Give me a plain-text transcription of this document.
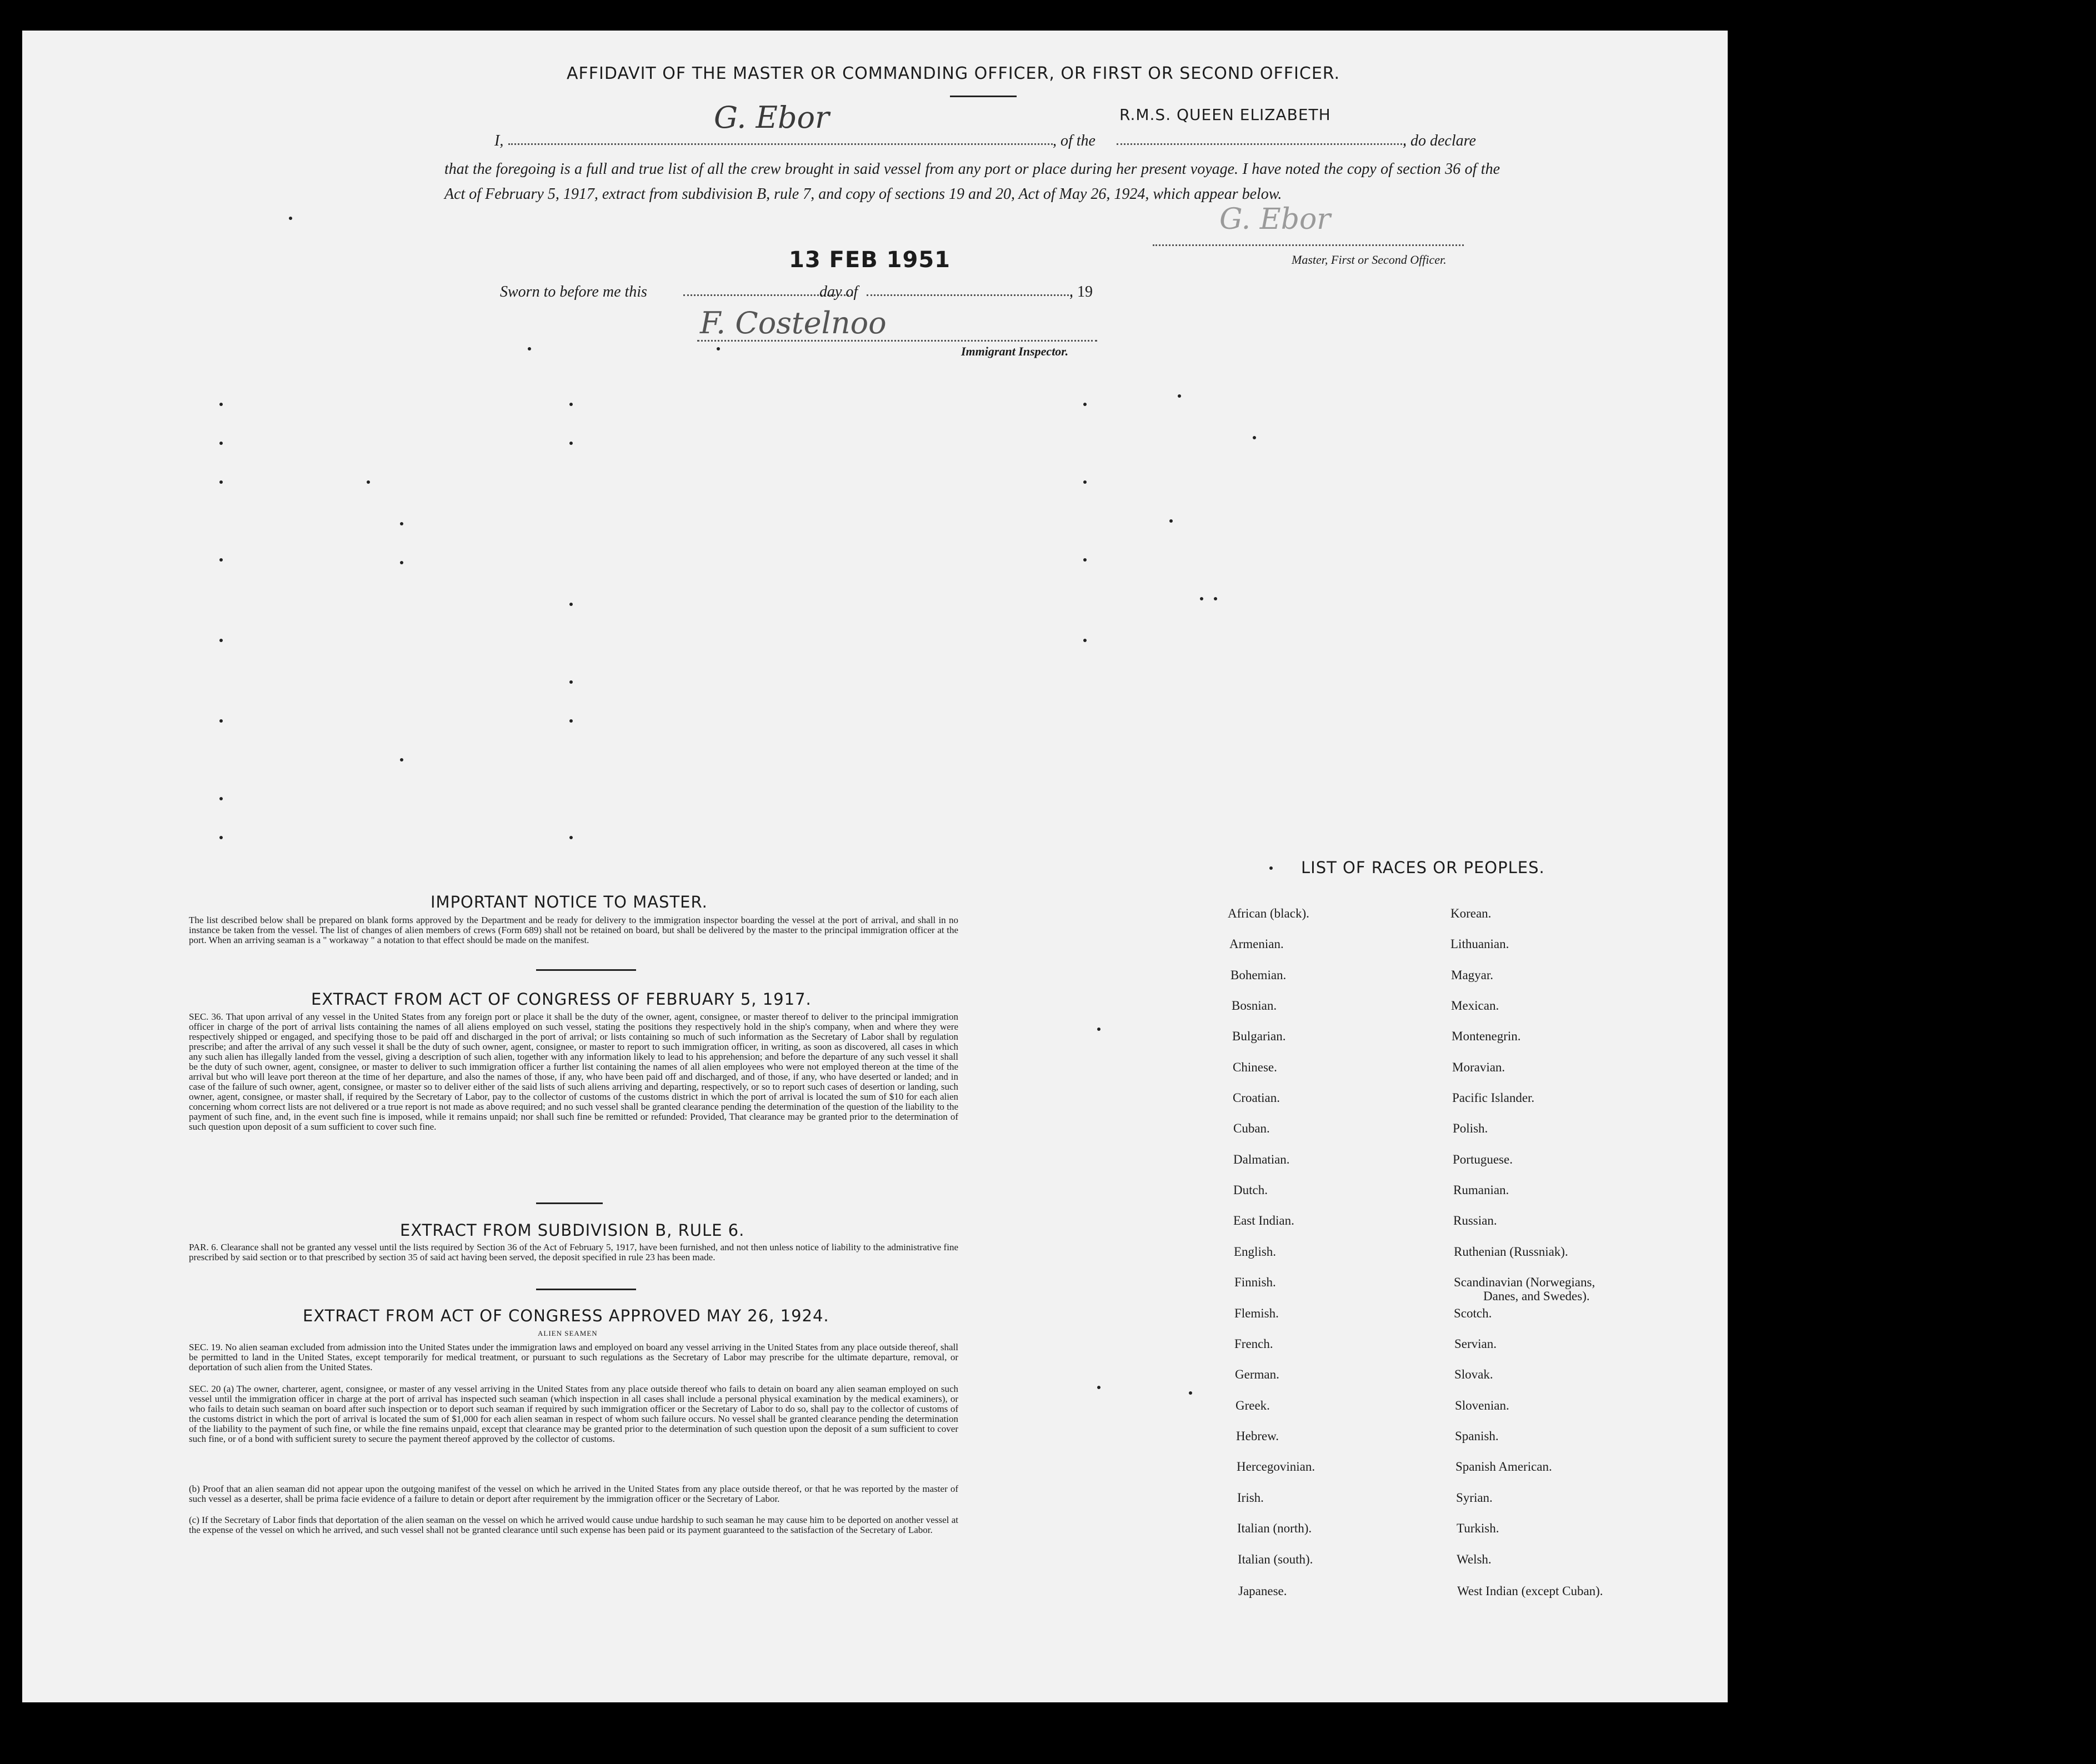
AFFIDAVIT OF THE MASTER OR COMMANDING OFFICER, OR FIRST OR SECOND OFFICER.
G. Ebor
I,	, of the
R.M.S. QUEEN ELIZABETH
, do declare
that the foregoing is a full and true list of all the crew brought in said vessel from any port or place during her present voyage. I have noted the copy of section 36 of the Act of February 5, 1917, extract from subdivision B, rule 7, and copy of sections 19 and 20, Act of May 26, 1924, which appear below.
G. Ebor
Master, First or Second Officer.
13 FEB 1951
Sworn to before me this	day of	, 19
F. Costelnoo
Immigrant Inspector.
IMPORTANT NOTICE TO MASTER.
The list described below shall be prepared on blank forms approved by the Department and be ready for delivery to the immigration inspector boarding the vessel at the port of arrival, and shall in no instance be taken from the vessel. The list of changes of alien members of crews (Form 689) shall not be retained on board, but shall be delivered by the master to the principal immigration officer at the port. When an arriving seaman is a " workaway " a notation to that effect should be made on the manifest.
EXTRACT FROM ACT OF CONGRESS OF FEBRUARY 5, 1917.
SEC. 36. That upon arrival of any vessel in the United States from any foreign port or place it shall be the duty of the owner, agent, consignee, or master thereof to deliver to the principal immigration officer in charge of the port of arrival lists containing the names of all aliens employed on such vessel, stating the positions they respectively hold in the ship's company, when and where they were respectively shipped or engaged, and specifying those to be paid off and discharged in the port of arrival; or lists containing so much of such information as the Secretary of Labor shall by regulation prescribe; and after the arrival of any such vessel it shall be the duty of such owner, agent, consignee, or master to report to such immigration officer, in writing, as soon as discovered, all cases in which any such alien has illegally landed from the vessel, giving a description of such alien, together with any information likely to lead to his apprehension; and before the departure of any such vessel it shall be the duty of such owner, agent, consignee, or master to deliver to such immigration officer a further list containing the names of all alien employees who were not employed thereon at the time of the arrival but who will leave port thereon at the time of her departure, and also the names of those, if any, who have been paid off and discharged, and of those, if any, who have deserted or landed; and in case of the failure of such owner, agent, consignee, or master so to deliver either of the said lists of such aliens arriving and departing, respectively, or so to report such cases of desertion or landing, such owner, agent, consignee, or master shall, if required by the Secretary of Labor, pay to the collector of customs of the customs district in which the port of arrival is located the sum of $10 for each alien concerning whom correct lists are not delivered or a true report is not made as above required; and no such vessel shall be granted clearance pending the determination of the question of the liability to the payment of such fine, and, in the event such fine is imposed, while it remains unpaid; nor shall such fine be remitted or refunded: Provided, That clearance may be granted prior to the determination of such question upon deposit of a sum sufficient to cover such fine.
EXTRACT FROM SUBDIVISION B, RULE 6.
PAR. 6. Clearance shall not be granted any vessel until the lists required by Section 36 of the Act of February 5, 1917, have been furnished, and not then unless notice of liability to the administrative fine prescribed by said section or to that prescribed by section 35 of said act having been served, the deposit specified in rule 23 has been made.
EXTRACT FROM ACT OF CONGRESS APPROVED MAY 26, 1924.
ALIEN SEAMEN
SEC. 19. No alien seaman excluded from admission into the United States under the immigration laws and employed on board any vessel arriving in the United States from any place outside thereof, shall be permitted to land in the United States, except temporarily for medical treatment, or pursuant to such regulations as the Secretary of Labor may prescribe for the ultimate departure, removal, or deportation of such alien from the United States.
SEC. 20 (a) The owner, charterer, agent, consignee, or master of any vessel arriving in the United States from any place outside thereof who fails to detain on board any alien seaman employed on such vessel until the immigration officer in charge at the port of arrival has inspected such seaman (which inspection in all cases shall include a personal physical examination by the medical examiners), or who fails to detain such seaman on board after such inspection or to deport such seaman if required by such immigration officer or the Secretary of Labor to do so, shall pay to the collector of customs of the customs district in which the port of arrival is located the sum of $1,000 for each alien seaman in respect of whom such failure occurs. No vessel shall be granted clearance pending the determination of the liability to the payment of such fine, or while the fine remains unpaid, except that clearance may be granted prior to the determination of such question upon the deposit of a sum sufficient to cover such fine, or of a bond with sufficient surety to secure the payment thereof approved by the collector of customs.
(b) Proof that an alien seaman did not appear upon the outgoing manifest of the vessel on which he arrived in the United States from any place outside thereof, or that he was reported by the master of such vessel as a deserter, shall be prima facie evidence of a failure to detain or deport after requirement by the immigration officer or the Secretary of Labor.
(c) If the Secretary of Labor finds that deportation of the alien seaman on the vessel on which he arrived would cause undue hardship to such seaman he may cause him to be deported on another vessel at the expense of the vessel on which he arrived, and such vessel shall not be granted clearance until such expense has been paid or its payment guaranteed to the satisfaction of the Secretary of Labor.
LIST OF RACES OR PEOPLES.
African (black).
Armenian.
Bohemian.
Bosnian.
Bulgarian.
Chinese.
Croatian.
Cuban.
Dalmatian.
Dutch.
East Indian.
English.
Finnish.
Flemish.
French.
German.
Greek.
Hebrew.
Hercegovinian.
Irish.
Italian (north).
Italian (south).
Japanese.
Korean.
Lithuanian.
Magyar.
Mexican.
Montenegrin.
Moravian.
Pacific Islander.
Polish.
Portuguese.
Rumanian.
Russian.
Ruthenian (Russniak).
Scandinavian (Norwegians,
Danes, and Swedes).
Scotch.
Servian.
Slovak.
Slovenian.
Spanish.
Spanish American.
Syrian.
Turkish.
Welsh.
West Indian (except Cuban).
